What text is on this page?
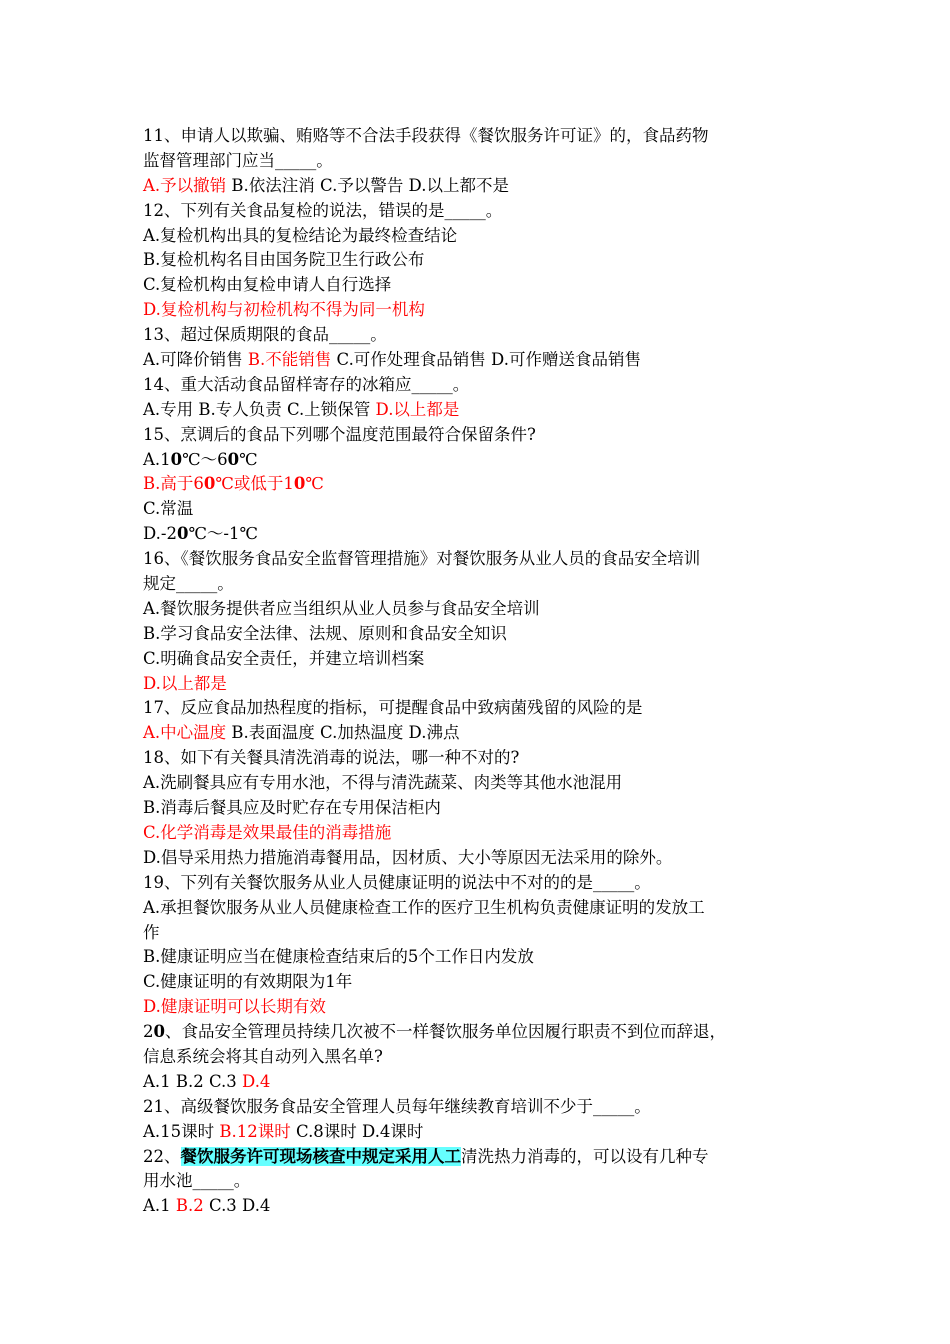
11、申请人以欺骗、贿赂等不合法手段获得《餐饮服务许可证》的，食品药物
监督管理部门应当_____。
A.予以撤销 B.依法注消 C.予以警告 D.以上都不是
12、下列有关食品复检的说法，错误的是_____。
A.复检机构出具的复检结论为最终检查结论
B.复检机构名目由国务院卫生行政公布
C.复检机构由复检申请人自行选择
D.复检机构与初检机构不得为同一机构
13、超过保质期限的食品_____。
A.可降价销售 B.不能销售 C.可作处理食品销售 D.可作赠送食品销售
14、重大活动食品留样寄存的冰箱应_____。
A.专用 B.专人负责 C.上锁保管 D.以上都是
15、烹调后的食品下列哪个温度范围最符合保留条件?
A.10℃～60℃
B.高于60℃或低于10℃
C.常温
D.-20℃～-1℃
16、《餐饮服务食品安全监督管理措施》对餐饮服务从业人员的食品安全培训
规定_____。
A.餐饮服务提供者应当组织从业人员参与食品安全培训
B.学习食品安全法律、法规、原则和食品安全知识
C.明确食品安全责任，并建立培训档案
D.以上都是
17、反应食品加热程度的指标，可提醒食品中致病菌残留的风险的是
A.中心温度 B.表面温度 C.加热温度 D.沸点
18、如下有关餐具清洗消毒的说法，哪一种不对的?
A.洗刷餐具应有专用水池，不得与清洗蔬菜、肉类等其他水池混用
B.消毒后餐具应及时贮存在专用保洁柜内
C.化学消毒是效果最佳的消毒措施
D.倡导采用热力措施消毒餐用品，因材质、大小等原因无法采用的除外。
19、下列有关餐饮服务从业人员健康证明的说法中不对的的是_____。
A.承担餐饮服务从业人员健康检查工作的医疗卫生机构负责健康证明的发放工
作
B.健康证明应当在健康检查结束后的5个工作日内发放
C.健康证明的有效期限为1年
D.健康证明可以长期有效
20、食品安全管理员持续几次被不一样餐饮服务单位因履行职责不到位而辞退，
信息系统会将其自动列入黑名单?
A.1 B.2 C.3 D.4
21、高级餐饮服务食品安全管理人员每年继续教育培训不少于_____。
A.15课时 B.12课时 C.8课时 D.4课时
22、餐饮服务许可现场核查中规定采用人工清洗热力消毒的，可以设有几种专
用水池_____。
A.1 B.2 C.3 D.4
